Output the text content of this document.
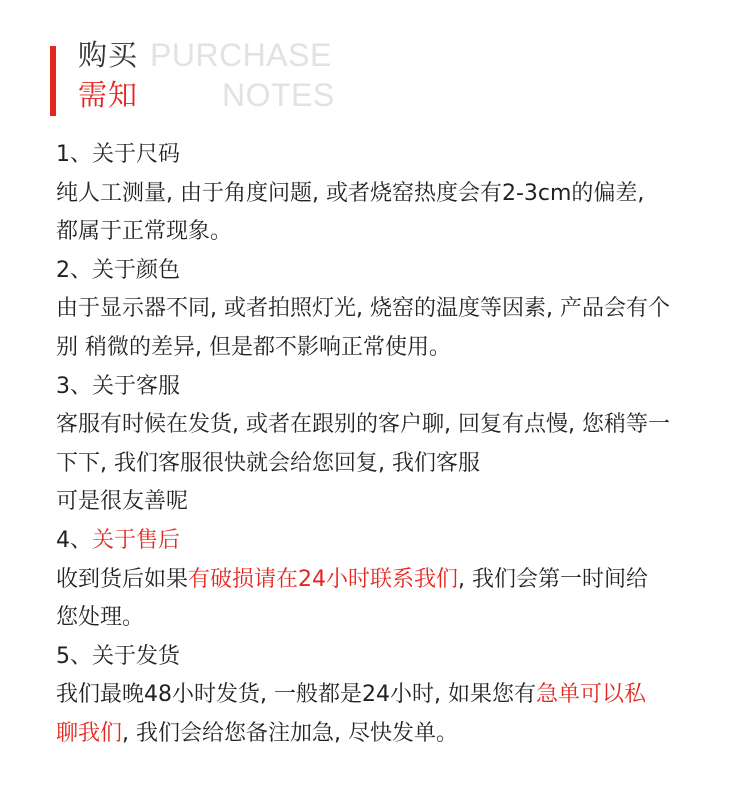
PURCHASE
NOTES
购买
需知
1、关于尺码
纯人工测量, 由于角度问题, 或者烧窑热度会有2-3cm的偏差,
都属于正常现象。
2、关于颜色
由于显示器不同, 或者拍照灯光, 烧窑的温度等因素, 产品会有个
别 稍微的差异, 但是都不影响正常使用。
3、关于客服
客服有时候在发货, 或者在跟别的客户聊, 回复有点慢, 您稍等一
下下, 我们客服很快就会给您回复, 我们客服
可是很友善呢
4、关于售后
收到货后如果有破损请在24小时联系我们, 我们会第一时间给
您处理。
5、关于发货
我们最晚48小时发货, 一般都是24小时, 如果您有急单可以私
聊我们, 我们会给您备注加急, 尽快发单。
